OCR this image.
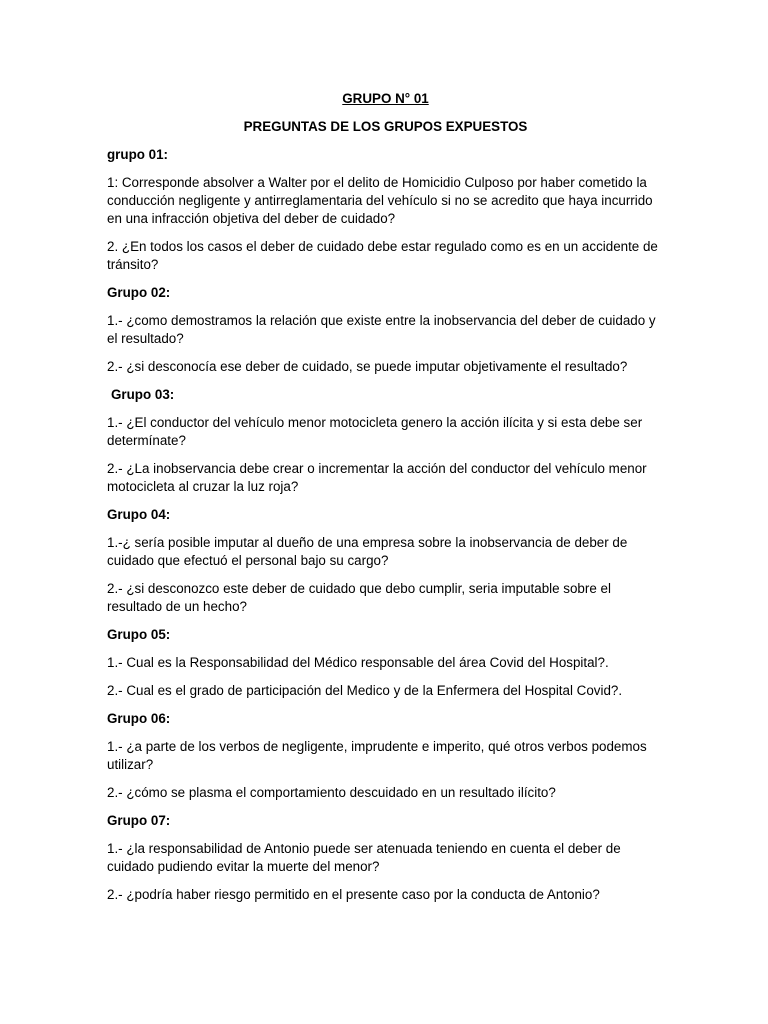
GRUPO N° 01

PREGUNTAS DE LOS GRUPOS EXPUESTOS

grupo 01:

1: Corresponde absolver a Walter por el delito de Homicidio Culposo por haber cometido la conducción negligente y antirreglamentaria del vehículo si no se acredito que haya incurrido en una infracción objetiva del deber de cuidado?

2. ¿En todos los casos el deber de cuidado debe estar regulado como es en un accidente de tránsito?

Grupo 02:

1.- ¿como demostramos la relación que existe entre la inobservancia del deber de cuidado y el resultado?

2.- ¿si desconocía ese deber de cuidado, se puede imputar objetivamente el resultado?

Grupo 03:

1.- ¿El conductor del vehículo menor motocicleta genero la acción ilícita y si esta debe ser determínate?

2.- ¿La inobservancia debe crear o incrementar la acción del conductor del vehículo menor motocicleta al cruzar la luz roja?

Grupo 04:

1.-¿ sería posible imputar al dueño de una empresa sobre la inobservancia de deber de cuidado que efectuó el personal bajo su cargo?

2.- ¿si desconozco este deber de cuidado que debo cumplir, seria imputable sobre el resultado de un hecho?

Grupo 05:

1.- Cual es la Responsabilidad del Médico responsable del área Covid del Hospital?.

2.- Cual es el grado de participación del Medico y de la Enfermera del Hospital Covid?.

Grupo 06:

1.- ¿a parte de los verbos de negligente, imprudente e imperito, qué otros verbos podemos utilizar?

2.- ¿cómo se plasma el comportamiento descuidado en un resultado ilícito?

Grupo 07:

1.- ¿la responsabilidad de Antonio puede ser atenuada teniendo en cuenta el deber de cuidado pudiendo evitar la muerte del menor?

2.- ¿podría haber riesgo permitido en el presente caso por la conducta de Antonio?
